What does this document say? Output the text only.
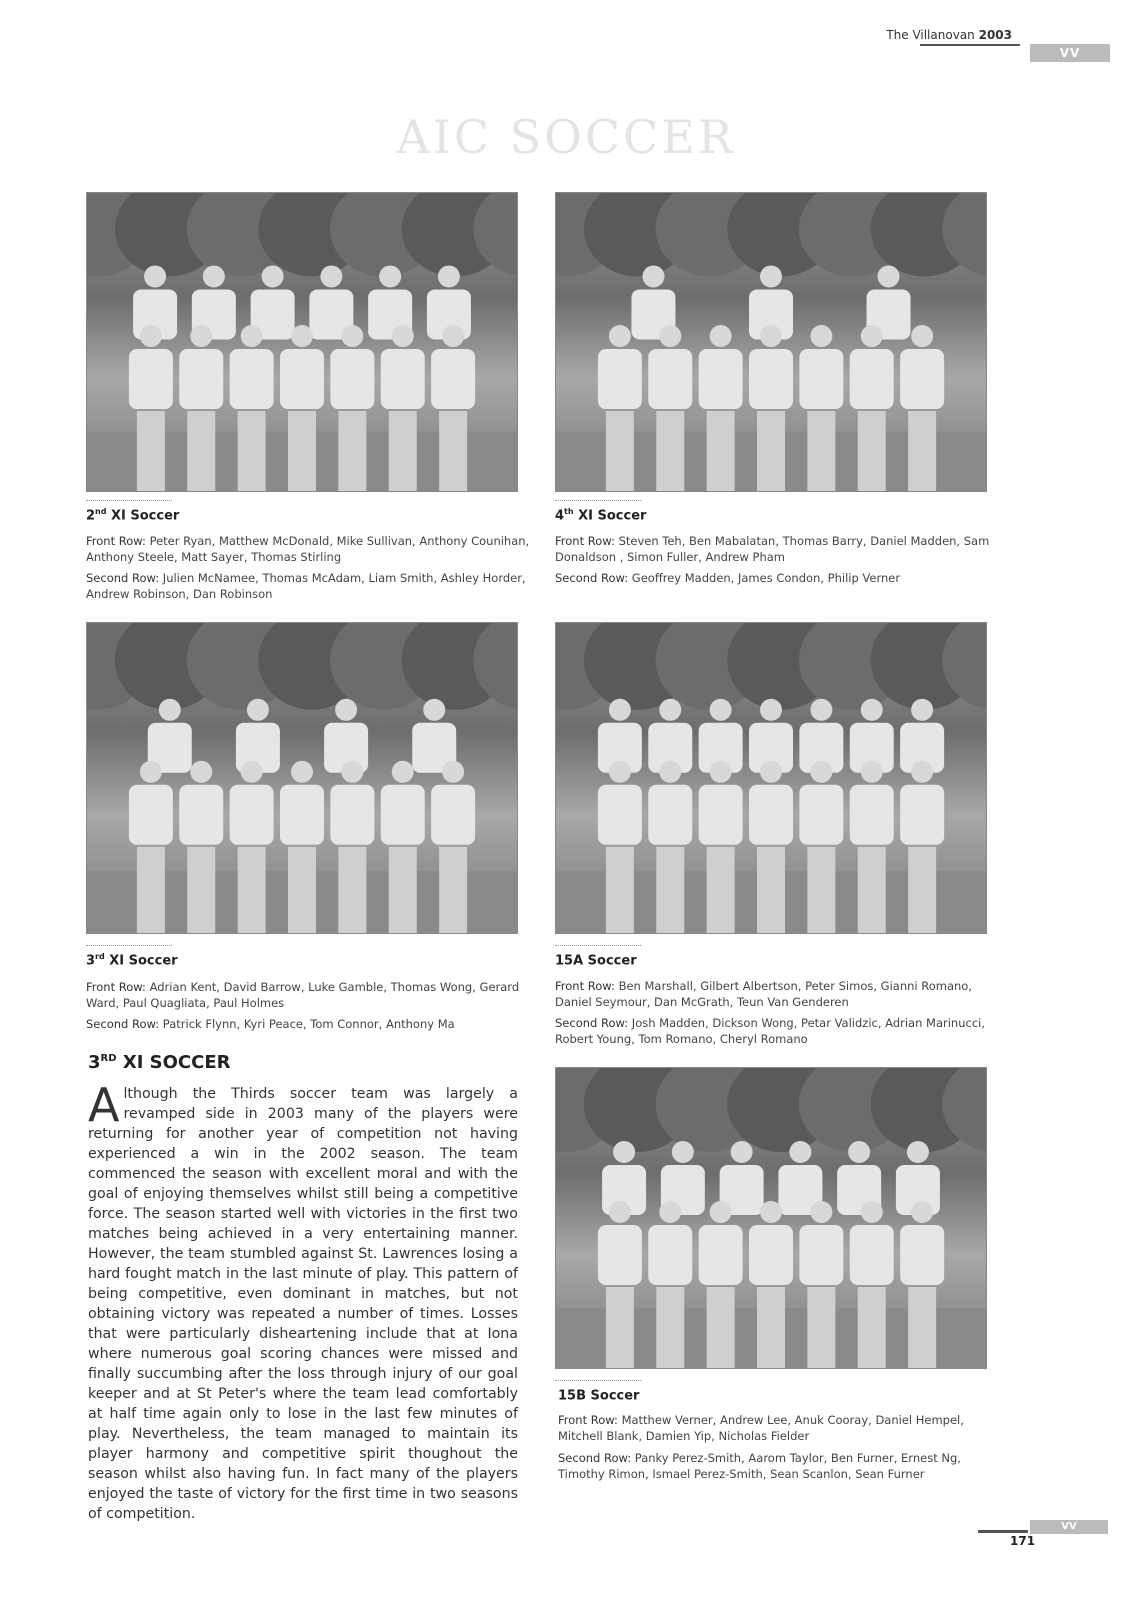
The Villanovan 2003
VV
AIC SOCCER
2nd XI Soccer
Front Row: Peter Ryan, Matthew McDonald, Mike Sullivan, Anthony Counihan, Anthony Steele, Matt Sayer, Thomas Stirling
Second Row: Julien McNamee, Thomas McAdam, Liam Smith, Ashley Horder, Andrew Robinson, Dan Robinson
4th XI Soccer
Front Row: Steven Teh, Ben Mabalatan, Thomas Barry, Daniel Madden, Sam Donaldson , Simon Fuller, Andrew Pham
Second Row: Geoffrey Madden, James Condon, Philip Verner
3rd XI Soccer
Front Row: Adrian Kent, David Barrow, Luke Gamble, Thomas Wong, Gerard Ward, Paul Quagliata, Paul Holmes
Second Row: Patrick Flynn, Kyri Peace, Tom Connor, Anthony Ma
15A Soccer
Front Row: Ben Marshall, Gilbert Albertson, Peter Simos, Gianni Romano, Daniel Seymour, Dan McGrath, Teun Van Genderen
Second Row: Josh Madden, Dickson Wong, Petar Validzic, Adrian Marinucci, Robert Young, Tom Romano, Cheryl Romano
15B Soccer
Front Row: Matthew Verner, Andrew Lee, Anuk Cooray, Daniel Hempel, Mitchell Blank, Damien Yip, Nicholas Fielder
Second Row: Panky Perez-Smith, Aarom Taylor, Ben Furner, Ernest Ng, Timothy Rimon, Ismael Perez-Smith, Sean Scanlon, Sean Furner
3RD XI SOCCER
Although the Thirds soccer team was largely a revamped side in 2003 many of the players were returning for another year of competition not having experienced a win in the 2002 season. The team commenced the season with excellent moral and with the goal of enjoying themselves whilst still being a competitive force. The season started well with victories in the first two matches being achieved in a very entertaining manner. However, the team stumbled against St. Lawrences losing a hard fought match in the last minute of play. This pattern of being competitive, even dominant in matches, but not obtaining victory was repeated a number of times. Losses that were particularly disheartening include that at Iona where numerous goal scoring chances were missed and finally succumbing after the loss through injury of our goal keeper and at St Peter's where the team lead comfortably at half time again only to lose in the last few minutes of play. Nevertheless, the team managed to maintain its player harmony and competitive spirit thoughout the season whilst also having fun. In fact many of the players enjoyed the taste of victory for the first time in two seasons of competition.
VV
171
